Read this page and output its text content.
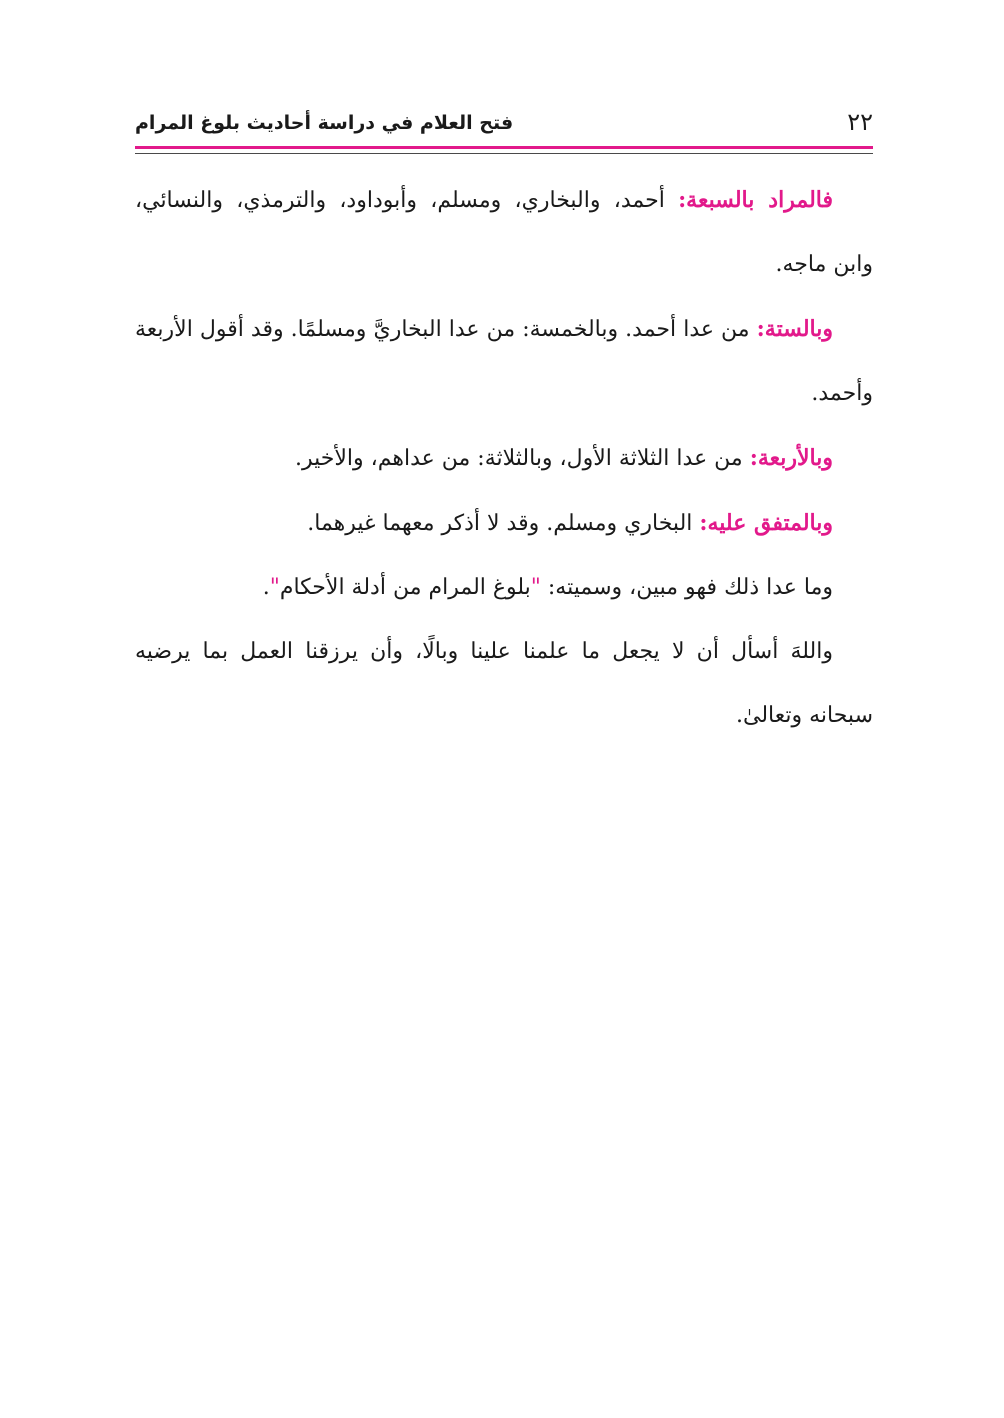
٢٢
فتح العلام في دراسة أحاديث بلوغ المرام

فالمراد بالسبعة: أحمد، والبخاري، ومسلم، وأبوداود، والترمذي، والنسائي، وابن ماجه.

وبالستة: من عدا أحمد. وبالخمسة: من عدا البخاريَّ ومسلمًا. وقد أقول الأربعة وأحمد.

وبالأربعة: من عدا الثلاثة الأول، وبالثلاثة: من عداهم، والأخير.

وبالمتفق عليه: البخاري ومسلم. وقد لا أذكر معهما غيرهما.

وما عدا ذلك فهو مبين، وسميته: "بلوغ المرام من أدلة الأحكام".

واللهَ أسأل أن لا يجعل ما علمنا علينا وبالًا، وأن يرزقنا العمل بما يرضيه سبحانه وتعالىٰ.
